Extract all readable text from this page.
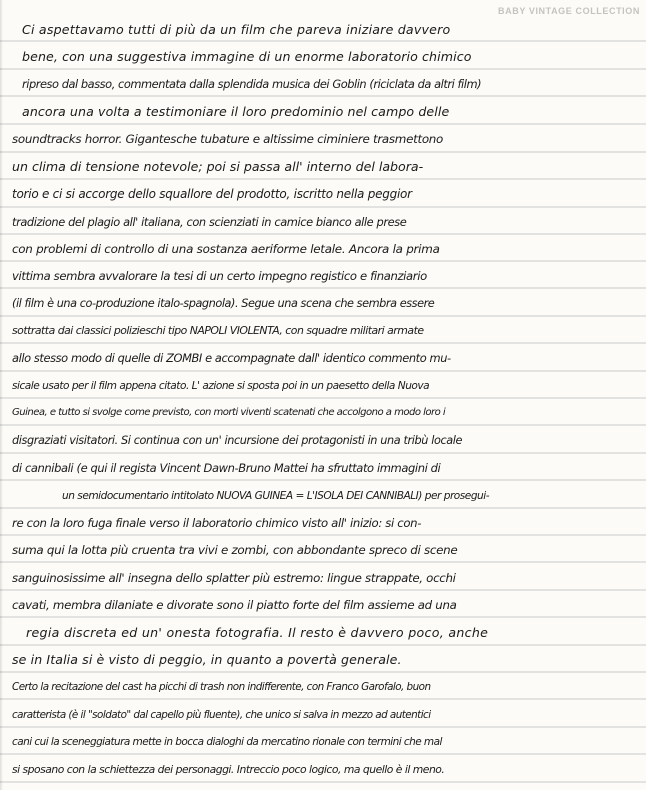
BABY VINTAGE COLLECTION
Ci aspettavamo tutti di più da un film che pareva iniziare davvero
bene, con una suggestiva immagine di un enorme laboratorio chimico
ripreso dal basso, commentata dalla splendida musica dei Goblin (riciclata da altri film)
ancora una volta a testimoniare il loro predominio nel campo delle
soundtracks horror. Gigantesche tubature e altissime ciminiere trasmettono
un clima di tensione notevole; poi si passa all' interno del labora-
torio e ci si accorge dello squallore del prodotto, iscritto nella peggior
tradizione del plagio all' italiana, con scienziati in camice bianco alle prese
con problemi di controllo di una sostanza aeriforme letale. Ancora la prima
vittima sembra avvalorare la tesi di un certo impegno registico e finanziario
(il film è una co-produzione italo-spagnola). Segue una scena che sembra essere
sottratta dai classici polizieschi tipo NAPOLI VIOLENTA, con squadre militari armate
allo stesso modo di quelle di ZOMBI e accompagnate dall' identico commento mu-
sicale usato per il film appena citato. L' azione si sposta poi in un paesetto della Nuova
Guinea, e tutto si svolge come previsto, con morti viventi scatenati che accolgono a modo loro i
disgraziati visitatori. Si continua con un' incursione dei protagonisti in una tribù locale
di cannibali (e qui il regista Vincent Dawn-Bruno Mattei ha sfruttato immagini di
un semidocumentario intitolato NUOVA GUINEA = L'ISOLA DEI CANNIBALI) per prosegui-
re con la loro fuga finale verso il laboratorio chimico visto all' inizio: si con-
suma qui la lotta più cruenta tra vivi e zombi, con abbondante spreco di scene
sanguinosissime all' insegna dello splatter più estremo: lingue strappate, occhi
cavati, membra dilaniate e divorate sono il piatto forte del film assieme ad una
regia discreta ed un' onesta fotografia. Il resto è davvero poco, anche
se in Italia si è visto di peggio, in quanto a povertà generale.
Certo la recitazione del cast ha picchi di trash non indifferente, con Franco Garofalo, buon
caratterista (è il "soldato" dal capello più fluente), che unico si salva in mezzo ad autentici
cani cui la sceneggiatura mette in bocca dialoghi da mercatino rionale con termini che mal
si sposano con la schiettezza dei personaggi. Intreccio poco logico, ma quello è il meno.
